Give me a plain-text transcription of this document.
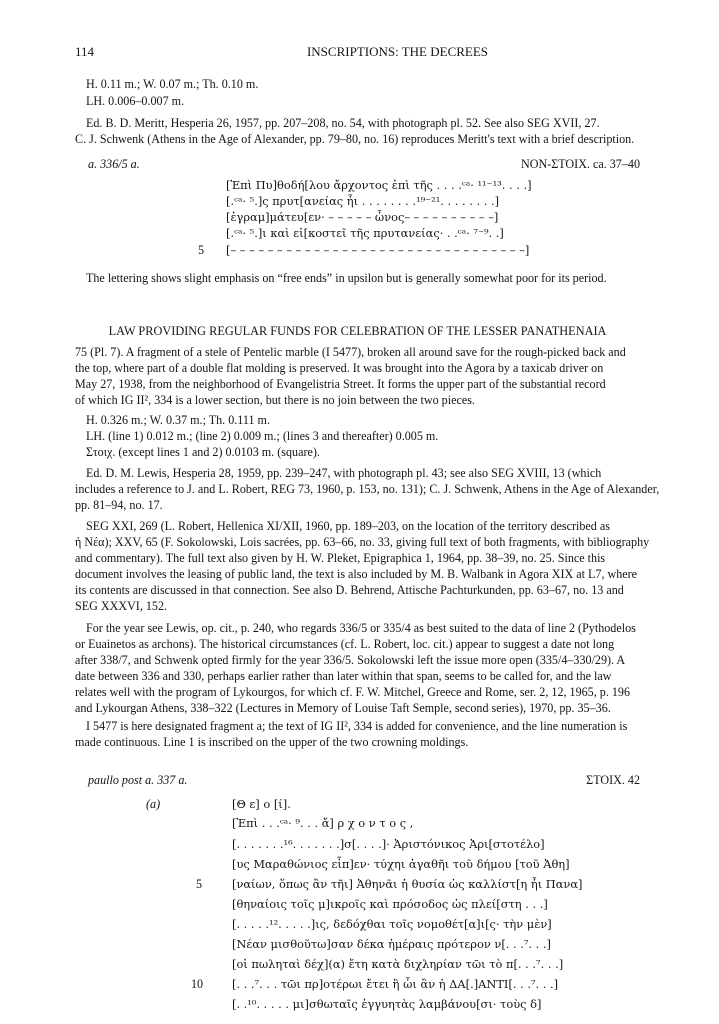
114	INSCRIPTIONS: THE DECREES
H. 0.11 m.; W. 0.07 m.; Th. 0.10 m.
LH. 0.006–0.007 m.
Ed. B. D. Meritt, Hesperia 26, 1957, pp. 207–208, no. 54, with photograph pl. 52. See also SEG XVII, 27.
C. J. Schwenk (Athens in the Age of Alexander, pp. 79–80, no. 16) reproduces Meritt's text with a brief description.
a. 336/5 a.	NON-ΣΤΟΙΧ. ca. 37–40
[Ἐπὶ Πυ]θοδή[λου ἄρχοντος ἐπὶ τῆς . . . .ᶜᵃ· ¹¹⁻¹³. . . .]
[.ᶜᵃ· ⁵.]ς πρυτ[ανείας ἧι . . . . . . . .¹⁹⁻²¹. . . . . . . .]
[ἐγραμ]μάτευ[εν· – – – – – ὦνος– – – – – – – – – –]
[.ᶜᵃ· ⁵.]ι καὶ εἰ[κοστεῖ τῆς πρυτανείας· . .ᶜᵃ· ⁷⁻⁹. .]
5 [– – – – – – – – – – – – – – – – – – – – – – – – – – – – – – – –]
The lettering shows slight emphasis on “free ends” in upsilon but is generally somewhat poor for its period.
LAW PROVIDING REGULAR FUNDS FOR CELEBRATION OF THE LESSER PANATHENAIA
75 (Pl. 7). A fragment of a stele of Pentelic marble (I 5477), broken all around save for the rough-picked back and
the top, where part of a double flat molding is preserved. It was brought into the Agora by a taxicab driver on
May 27, 1938, from the neighborhood of Evangelistria Street. It forms the upper part of the substantial record
of which IG II², 334 is a lower section, but there is no join between the two pieces.
H. 0.326 m.; W. 0.37 m.; Th. 0.111 m.
LH. (line 1) 0.012 m.; (line 2) 0.009 m.; (lines 3 and thereafter) 0.005 m.
Στοιχ. (except lines 1 and 2) 0.0103 m. (square).
Ed. D. M. Lewis, Hesperia 28, 1959, pp. 239–247, with photograph pl. 43; see also SEG XVIII, 13 (which
includes a reference to J. and L. Robert, REG 73, 1960, p. 153, no. 131); C. J. Schwenk, Athens in the Age of Alexander,
pp. 81–94, no. 17.
SEG XXI, 269 (L. Robert, Hellenica XI/XII, 1960, pp. 189–203, on the location of the territory described as
ἡ Νέα); XXV, 65 (F. Sokolowski, Lois sacrées, pp. 63–66, no. 33, giving full text of both fragments, with bibliography
and commentary). The full text also given by H. W. Pleket, Epigraphica 1, 1964, pp. 38–39, no. 25. Since this
document involves the leasing of public land, the text is also included by M. B. Walbank in Agora XIX at L7, where
its contents are discussed in that connection. See also D. Behrend, Attische Pachturkunden, pp. 63–67, no. 13 and
SEG XXXVI, 152.
For the year see Lewis, op. cit., p. 240, who regards 336/5 or 335/4 as best suited to the data of line 2 (Pythodelos
or Euainetos as archons). The historical circumstances (cf. L. Robert, loc. cit.) appear to suggest a date not long
after 338/7, and Schwenk opted firmly for the year 336/5. Sokolowski left the issue more open (335/4–330/29). A
date between 336 and 330, perhaps earlier rather than later within that span, seems to be called for, and the law
relates well with the program of Lykourgos, for which cf. F. W. Mitchel, Greece and Rome, ser. 2, 12, 1965, p. 196
and Lykourgan Athens, 338–322 (Lectures in Memory of Louise Taft Semple, second series), 1970, pp. 35–36.
I 5477 is here designated fragment a; the text of IG II², 334 is added for convenience, and the line numeration is
made continuous. Line 1 is inscribed on the upper of the two crowning moldings.
paullo post a. 337 a.	ΣΤΟΙΧ. 42
(a)	[Θ ε] ο [ί].
[Ἐπὶ . . .ᶜᵃ· ⁹. . . ἄ] ρ χ ο ν τ ο ς ,
[. . . . . . .¹⁶. . . . . . .]σ[. . . .]· Ἀριστόνικος Ἀρι[στοτέλο]
[υς Μαραθώνιος εἶπ]εν· τύχηι ἀγαθῆι τοῦ δήμου [τοῦ Ἀθη]
5	[ναίων, ὅπως ἂν τῆι] Ἀθηνᾶι ἡ θυσία ὡς καλλίστ[η ἧι Πανα]
[θηναίοις τοῖς μ]ικροῖς καὶ πρόσοδος ὡς πλεί[στη . . .]
[. . . . .¹². . . . .]ις, δεδόχθαι τοῖς νομοθέτ[α]ι[ς· τὴν μὲν]
[Νέαν μισθοῦτω]σαν δέκα ἡμέραις πρότερον ν[. . .⁷. . .]
[οἱ πωληταὶ δέχ](α) ἔτη κατὰ διχληρίαν τῶι τὸ π[. . .⁷. . .]
10	[. . .⁷. . . τῶι πρ]οτέρωι ἔτει ἢ ὧι ἂν ἡ ΔΑ[.]ΑΝΤΙ[. . .⁷. . .]
[. .¹⁰. . . . . μι]σθωταῖς ἐγγυητὰς λαμβάνου[σι· τοὺς δ]
